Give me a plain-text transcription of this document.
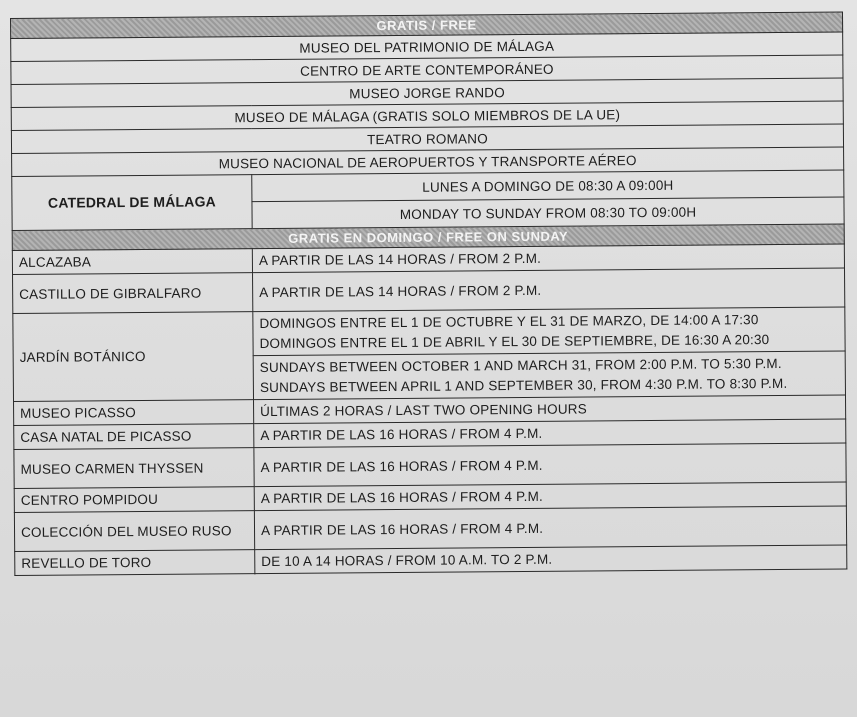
GRATIS / FREE	
MUSEO DEL PATRIMONIO DE MÁLAGA	
CENTRO DE ARTE CONTEMPORÁNEO	
MUSEO JORGE RANDO	
MUSEO DE MÁLAGA (GRATIS SOLO MIEMBROS DE LA UE)	
TEATRO ROMANO	
MUSEO NACIONAL DE AEROPUERTOS Y TRANSPORTE AÉREO	
CATEDRAL DE MÁLAGA	LUNES A DOMINGO DE 08:30 A 09:00H
	MONDAY TO SUNDAY FROM 08:30 TO 09:00H
GRATIS EN DOMINGO / FREE ON SUNDAY	
ALCAZABA	A PARTIR DE LAS 14 HORAS / FROM 2 P.M.
CASTILLO DE GIBRALFARO	A PARTIR DE LAS 14 HORAS / FROM 2 P.M.
JARDÍN BOTÁNICO	DOMINGOS ENTRE EL 1 DE OCTUBRE Y EL 31 DE MARZO, DE 14:00 A 17:30
DOMINGOS ENTRE EL 1 DE ABRIL Y EL 30 DE SEPTIEMBRE, DE 16:30 A 20:30

	SUNDAYS BETWEEN OCTOBER 1 AND MARCH 31, FROM 2:00 P.M. TO 5:30 P.M.
SUNDAYS BETWEEN APRIL 1 AND SEPTEMBER 30, FROM 4:30 P.M. TO 8:30 P.M.

MUSEO PICASSO	ÚLTIMAS 2 HORAS / LAST TWO OPENING HOURS
CASA NATAL DE PICASSO	A PARTIR DE LAS 16 HORAS / FROM 4 P.M.
MUSEO CARMEN THYSSEN	A PARTIR DE LAS 16 HORAS / FROM 4 P.M.
CENTRO POMPIDOU	A PARTIR DE LAS 16 HORAS / FROM 4 P.M.
COLECCIÓN DEL MUSEO RUSO	A PARTIR DE LAS 16 HORAS / FROM 4 P.M.
REVELLO DE TORO	DE 10 A 14 HORAS / FROM 10 A.M. TO 2 P.M.
